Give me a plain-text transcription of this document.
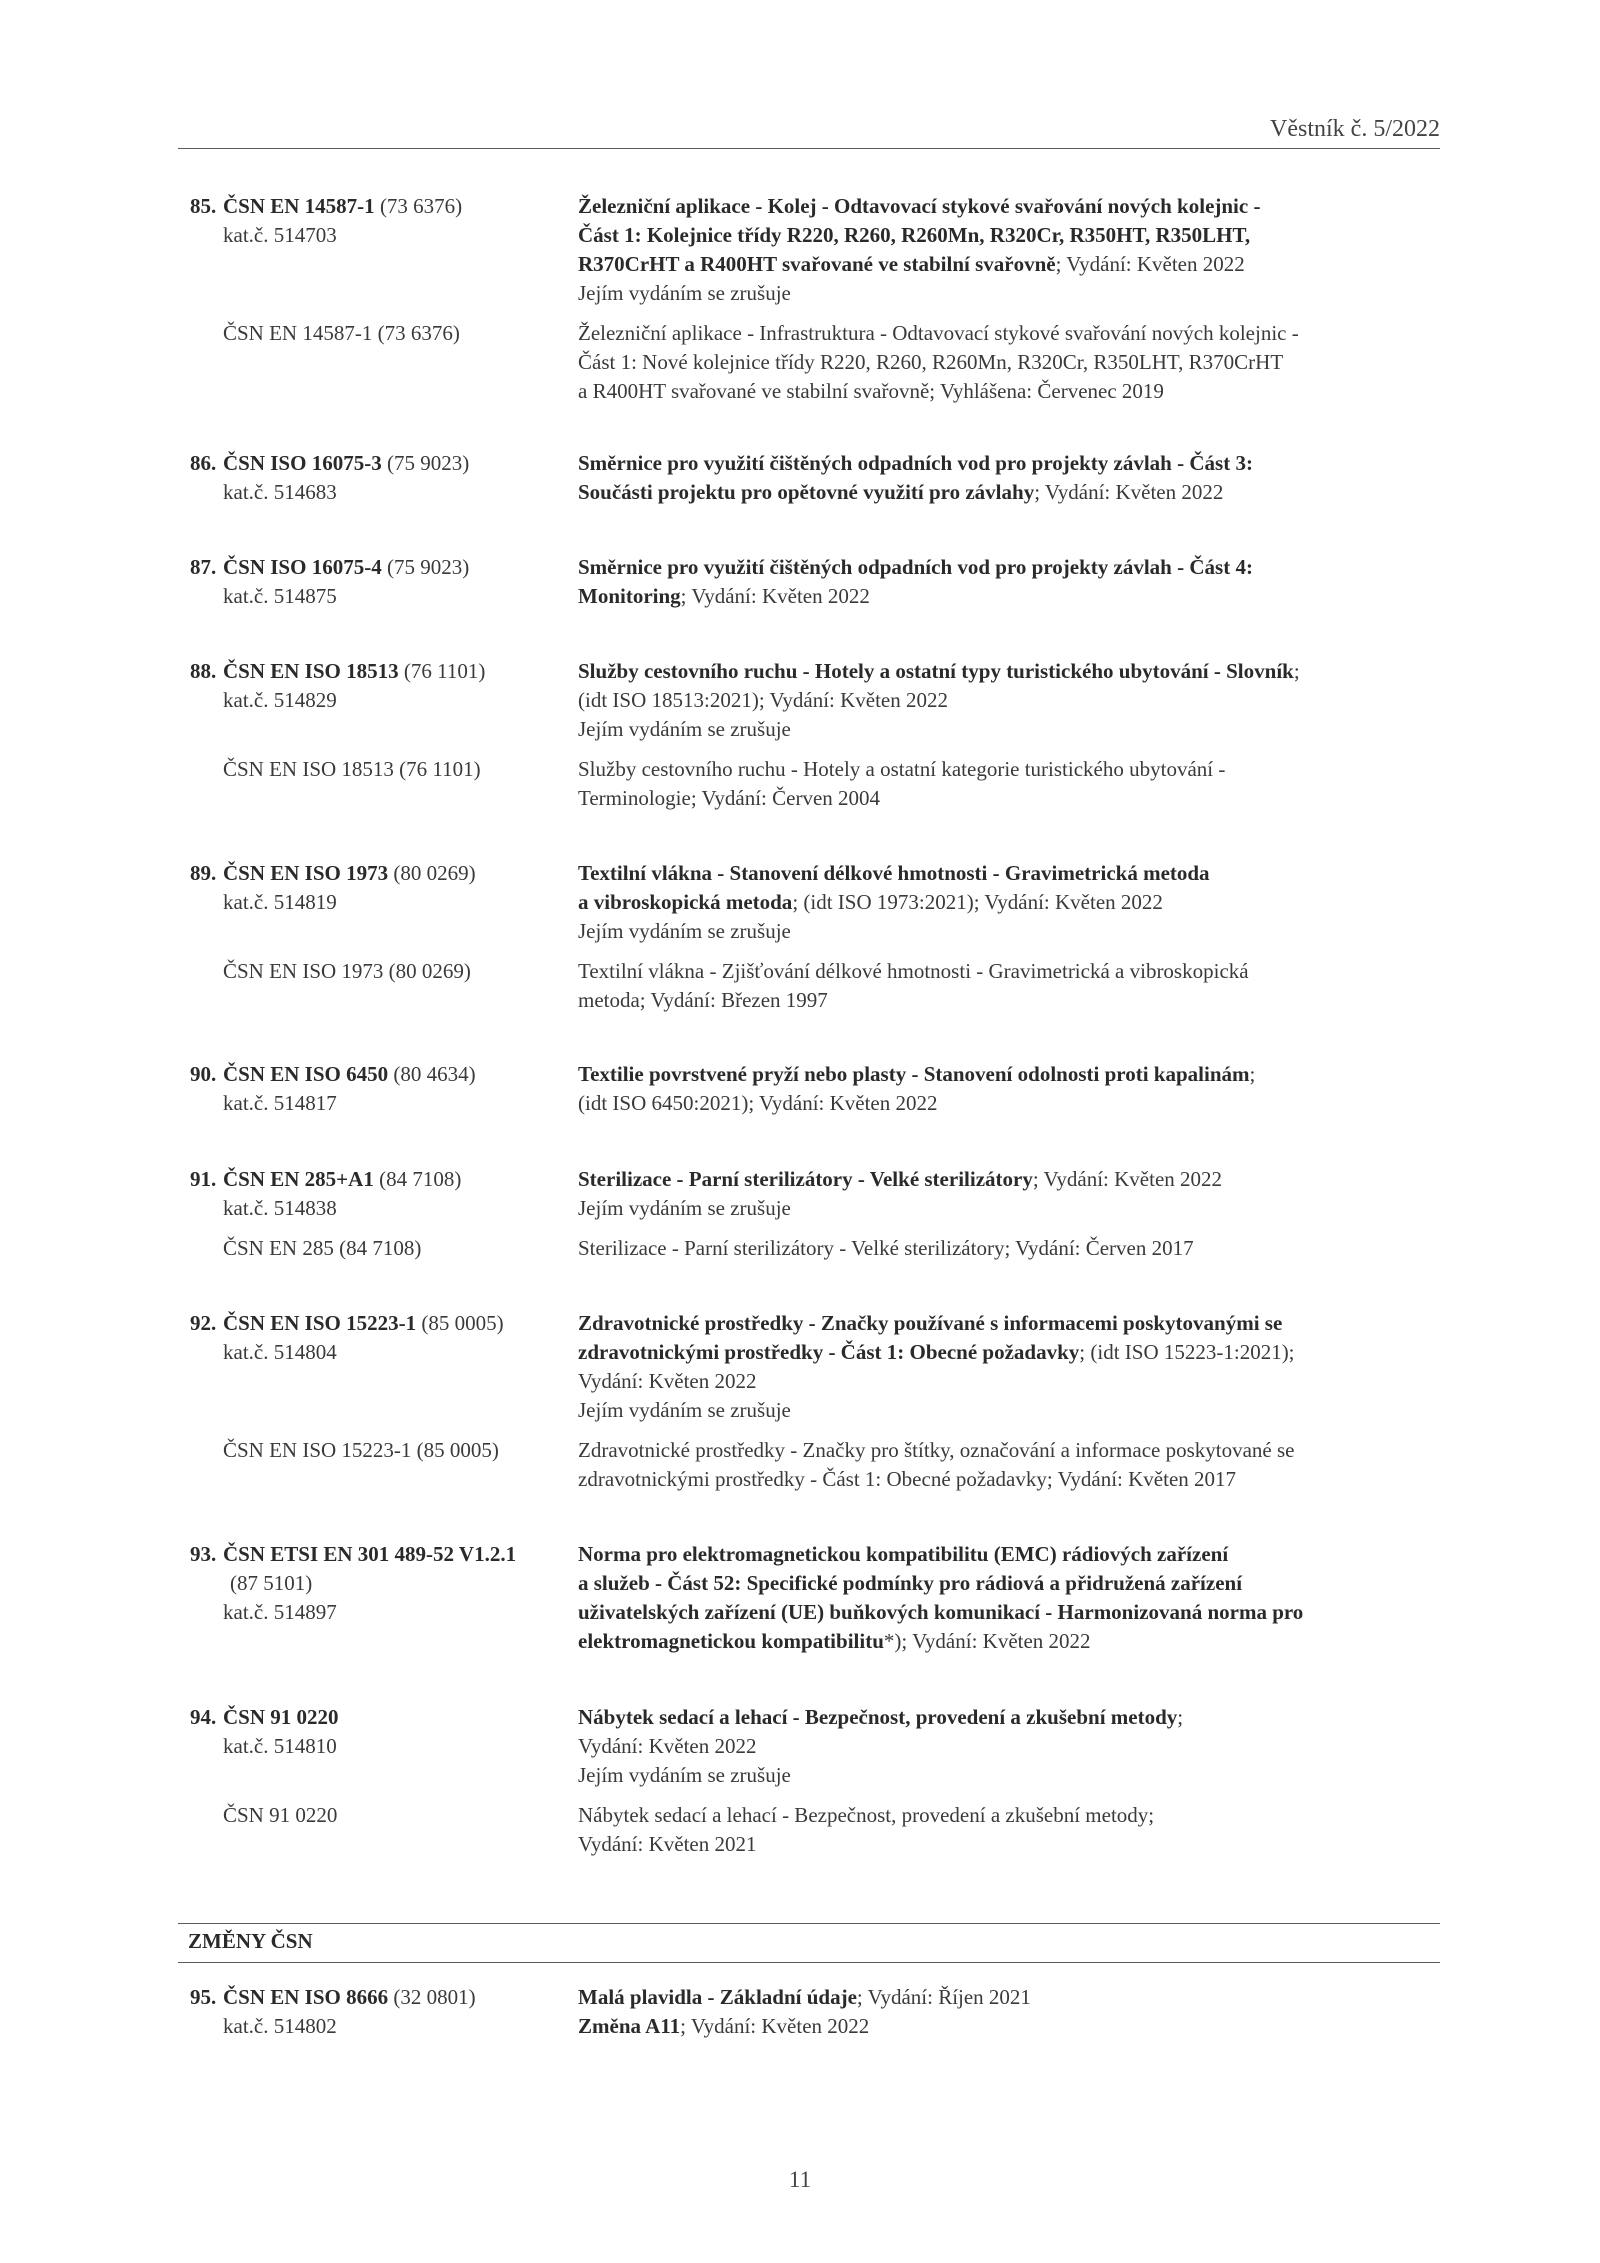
Věstník č. 5/2022
85. ČSN EN 14587-1 (73 6376)	Železniční aplikace - Kolej - Odtavovací stykové svařování nových kolejnic -
kat.č. 514703	Část 1: Kolejnice třídy R220, R260, R260Mn, R320Cr, R350HT, R350LHT,
R370CrHT a R400HT svařované ve stabilní svařovně; Vydání: Květen 2022
Jejím vydáním se zrušuje
ČSN EN 14587-1 (73 6376)	Železniční aplikace - Infrastruktura - Odtavovací stykové svařování nových kolejnic -
Část 1: Nové kolejnice třídy R220, R260, R260Mn, R320Cr, R350LHT, R370CrHT
a R400HT svařované ve stabilní svařovně; Vyhlášena: Červenec 2019
86. ČSN ISO 16075-3 (75 9023)	Směrnice pro využití čištěných odpadních vod pro projekty závlah - Část 3:
kat.č. 514683	Součásti projektu pro opětovné využití pro závlahy; Vydání: Květen 2022
87. ČSN ISO 16075-4 (75 9023)	Směrnice pro využití čištěných odpadních vod pro projekty závlah - Část 4:
kat.č. 514875	Monitoring; Vydání: Květen 2022
88. ČSN EN ISO 18513 (76 1101)	Služby cestovního ruchu - Hotely a ostatní typy turistického ubytování - Slovník;
kat.č. 514829	(idt ISO 18513:2021); Vydání: Květen 2022
Jejím vydáním se zrušuje
ČSN EN ISO 18513 (76 1101)	Služby cestovního ruchu - Hotely a ostatní kategorie turistického ubytování -
Terminologie; Vydání: Červen 2004
89. ČSN EN ISO 1973 (80 0269)	Textilní vlákna - Stanovení délkové hmotnosti - Gravimetrická metoda
kat.č. 514819	a vibroskopická metoda; (idt ISO 1973:2021); Vydání: Květen 2022
Jejím vydáním se zrušuje
ČSN EN ISO 1973 (80 0269)	Textilní vlákna - Zjišťování délkové hmotnosti - Gravimetrická a vibroskopická
metoda; Vydání: Březen 1997
90. ČSN EN ISO 6450 (80 4634)	Textilie povrstvené pryží nebo plasty - Stanovení odolnosti proti kapalinám;
kat.č. 514817	(idt ISO 6450:2021); Vydání: Květen 2022
91. ČSN EN 285+A1 (84 7108)	Sterilizace - Parní sterilizátory - Velké sterilizátory; Vydání: Květen 2022
kat.č. 514838	Jejím vydáním se zrušuje
ČSN EN 285 (84 7108)	Sterilizace - Parní sterilizátory - Velké sterilizátory; Vydání: Červen 2017
92. ČSN EN ISO 15223-1 (85 0005)	Zdravotnické prostředky - Značky používané s informacemi poskytovanými se
kat.č. 514804	zdravotnickými prostředky - Část 1: Obecné požadavky; (idt ISO 15223-1:2021);
Vydání: Květen 2022
Jejím vydáním se zrušuje
ČSN EN ISO 15223-1 (85 0005)	Zdravotnické prostředky - Značky pro štítky, označování a informace poskytované se
zdravotnickými prostředky - Část 1: Obecné požadavky; Vydání: Květen 2017
93. ČSN ETSI EN 301 489-52 V1.2.1	Norma pro elektromagnetickou kompatibilitu (EMC) rádiových zařízení
(87 5101)	a služeb - Část 52: Specifické podmínky pro rádiová a přidružená zařízení
kat.č. 514897	uživatelských zařízení (UE) buňkových komunikací - Harmonizovaná norma pro
elektromagnetickou kompatibilitu*); Vydání: Květen 2022
94. ČSN 91 0220	Nábytek sedací a lehací - Bezpečnost, provedení a zkušební metody;
kat.č. 514810	Vydání: Květen 2022
Jejím vydáním se zrušuje
ČSN 91 0220	Nábytek sedací a lehací - Bezpečnost, provedení a zkušební metody;
Vydání: Květen 2021
ZMĚNY ČSN
95. ČSN EN ISO 8666 (32 0801)	Malá plavidla - Základní údaje; Vydání: Říjen 2021
kat.č. 514802	Změna A11; Vydání: Květen 2022
11
